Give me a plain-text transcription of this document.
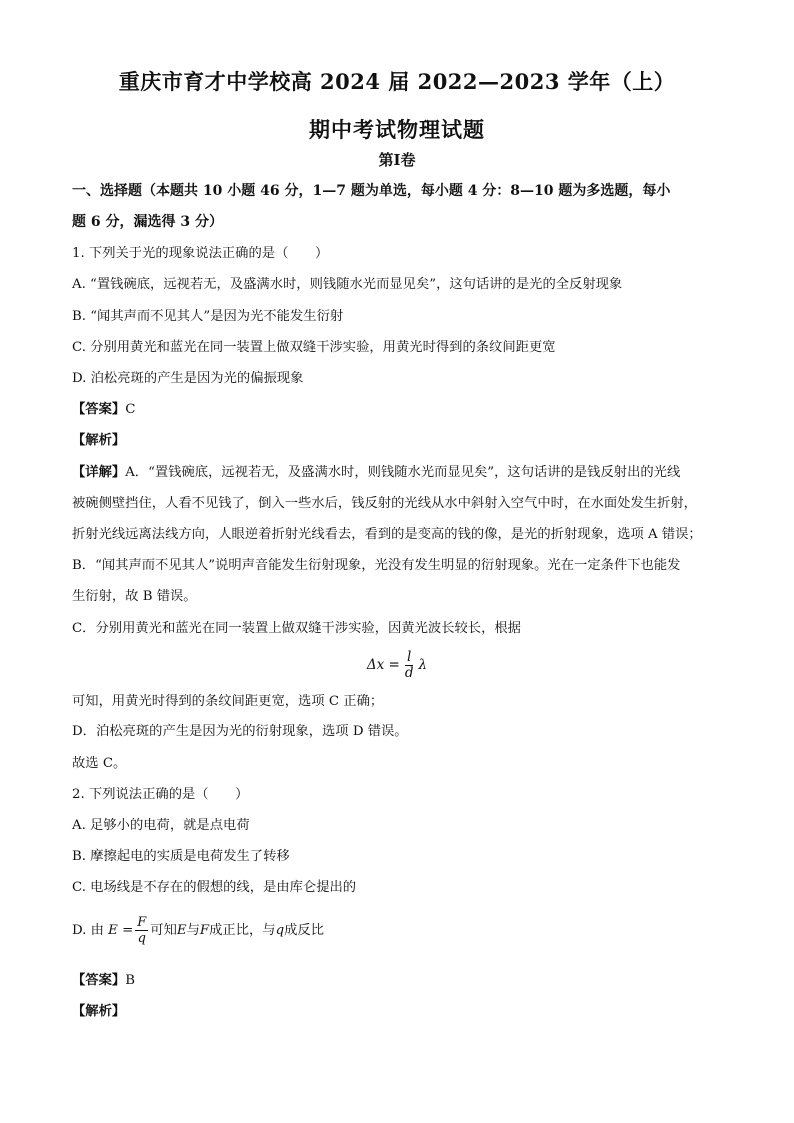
重庆市育才中学校高 2024 届 2022—2023 学年（上）
期中考试物理试题
第Ⅰ卷
一、选择题（本题共 10 小题 46 分，1—7 题为单选，每小题 4 分：8—10 题为多选题，每小
题 6 分，漏选得 3 分）
1. 下列关于光的现象说法正确的是（　　）
A. “置钱碗底，远视若无，及盛满水时，则钱随水光而显见矣”，这句话讲的是光的全反射现象
B. “闻其声而不见其人”是因为光不能发生衍射
C. 分别用黄光和蓝光在同一装置上做双缝干涉实验，用黄光时得到的条纹间距更宽
D. 泊松亮斑的产生是因为光的偏振现象
【答案】C
【解析】
【详解】A．“置钱碗底，远视若无，及盛满水时，则钱随水光而显见矣”，这句话讲的是钱反射出的光线
被碗侧壁挡住，人看不见钱了，倒入一些水后，钱反射的光线从水中斜射入空气中时，在水面处发生折射，
折射光线远离法线方向，人眼逆着折射光线看去，看到的是变高的钱的像，是光的折射现象，选项 A 错误；
B．“闻其声而不见其人”说明声音能发生衍射现象，光没有发生明显的衍射现象。光在一定条件下也能发
生衍射，故 B 错误。
C．分别用黄光和蓝光在同一装置上做双缝干涉实验，因黄光波长较长，根据
$\Delta x = \frac{l}{d}$ λ
可知，用黄光时得到的条纹间距更宽，选项 C 正确；
D．泊松亮斑的产生是因为光的衍射现象，选项 D 错误。
故选 C。
2. 下列说法正确的是（　　）
A. 足够小的电荷，就是点电荷
B. 摩擦起电的实质是电荷发生了转移
C. 电场线是不存在的假想的线，是由库仑提出的
D. 由 $E = \frac{F}{q}$ 可知E与F成正比，与q成反比
【答案】B
【解析】
